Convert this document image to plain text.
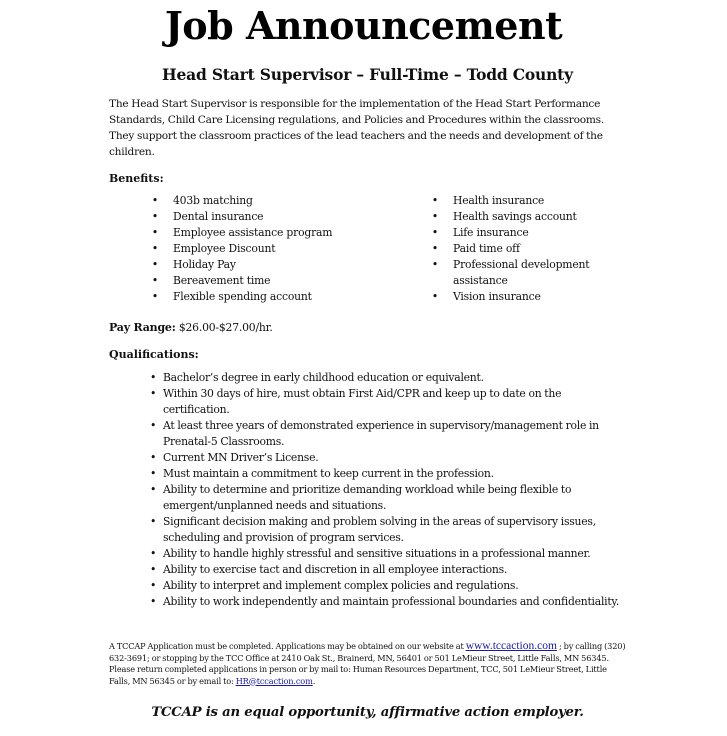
Job Announcement
Head Start Supervisor – Full-Time – Todd County
The Head Start Supervisor is responsible for the implementation of the Head Start Performance Standards, Child Care Licensing regulations, and Policies and Procedures within the classrooms. They support the classroom practices of the lead teachers and the needs and development of the children.
Benefits:
• 403b matching
• Dental insurance
• Employee assistance program
• Employee Discount
• Holiday Pay
• Bereavement time
• Flexible spending account
• Health insurance
• Health savings account
• Life insurance
• Paid time off
• Professional development assistance
• Vision insurance
Pay Range: $26.00-$27.00/hr.
Qualifications:
• Bachelor’s degree in early childhood education or equivalent.
• Within 30 days of hire, must obtain First Aid/CPR and keep up to date on the certification.
• At least three years of demonstrated experience in supervisory/management role in Prenatal-5 Classrooms.
• Current MN Driver’s License.
• Must maintain a commitment to keep current in the profession.
• Ability to determine and prioritize demanding workload while being flexible to emergent/unplanned needs and situations.
• Significant decision making and problem solving in the areas of supervisory issues, scheduling and provision of program services.
• Ability to handle highly stressful and sensitive situations in a professional manner.
• Ability to exercise tact and discretion in all employee interactions.
• Ability to interpret and implement complex policies and regulations.
• Ability to work independently and maintain professional boundaries and confidentiality.
A TCCAP Application must be completed. Applications may be obtained on our website at www.tccaction.com ; by calling (320) 632-3691; or stopping by the TCC Office at 2410 Oak St., Brainerd, MN, 56401 or 501 LeMieur Street, Little Falls, MN 56345. Please return completed applications in person or by mail to: Human Resources Department, TCC, 501 LeMieur Street, Little Falls, MN 56345 or by email to: HR@tccaction.com.
TCCAP is an equal opportunity, affirmative action employer.
